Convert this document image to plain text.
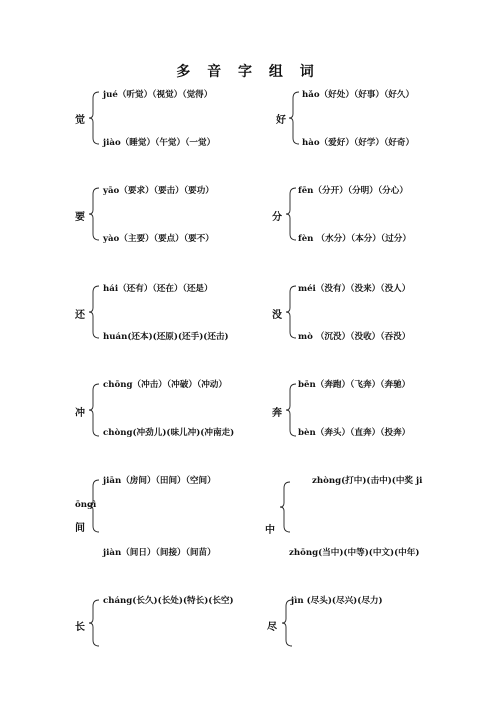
多 音 字 组 词
觉
jué（听觉）（视觉）（觉得）
jiào（睡觉）（午觉）（一觉）
好
hǎo（好处）（好事）（好久）
hào（爱好）（好学）（好奇）
要
yāo（要求）（要击）（要功）
yào（主要）（要点）（要不）
分
fēn（分开）（分明）（分心）
fèn （水分）（本分）（过分）
还
hái（还有）（还在）（还是）
huán(还本)(还原)(还手)(还击)
没
méi（没有）（没来）（没人）
mò （沉没）（没收）（吞没）
冲
chōng（冲击）（冲破）（冲动）
chòng(冲劲儿)(味儿冲)(冲南走)
奔
bēn（奔跑）（飞奔）（奔驰）
bèn（奔头）（直奔）（投奔）
ōngì
间
jiān（房间）（田间）（空间）
jiàn（间日）（间接）（间苗）
中
zhòng(打中)(击中)(中奖 ji
zhōng(当中)(中等)(中文)(中年)
长
cháng(长久)(长处)(特长)(长空)
尽
jìn (尽头)(尽兴)(尽力)
